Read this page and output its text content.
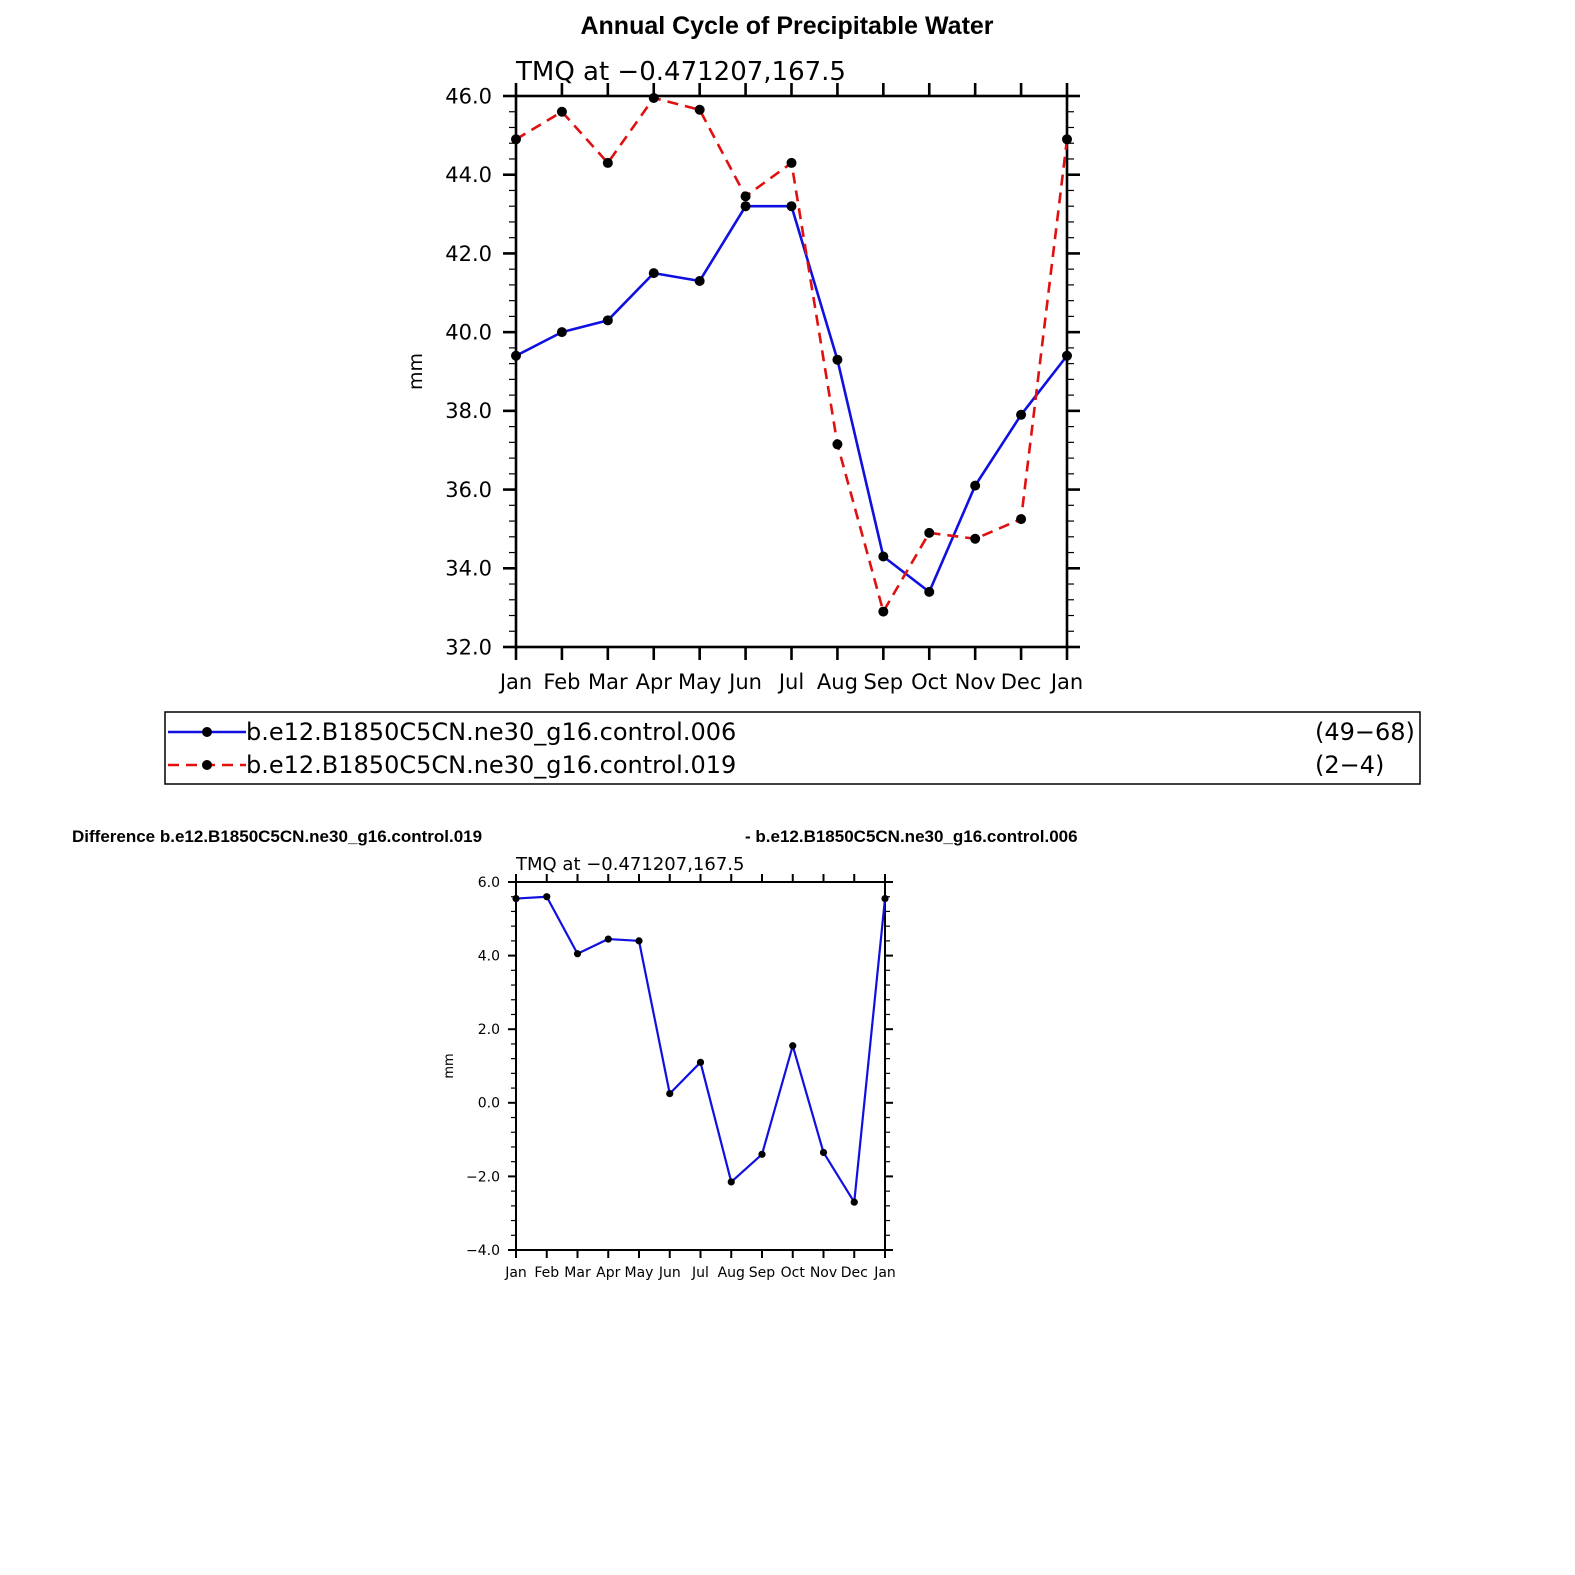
Annual Cycle of Precipitable Water
TMQ at −0.471207,167.5
Jan Feb Mar Apr May Jun Jul Aug Sep Oct Nov Dec Jan
32.0
34.0
36.0
38.0
40.0
42.0
44.0
46.0
mm
b.e12.B1850C5CN.ne30_g16.control.006	(49−68)
b.e12.B1850C5CN.ne30_g16.control.019	(2−4)
Difference b.e12.B1850C5CN.ne30_g16.control.019	- b.e12.B1850C5CN.ne30_g16.control.006
TMQ at −0.471207,167.5
Jan Feb Mar Apr May Jun Jul Aug Sep Oct Nov Dec Jan
−4.0
−2.0
0.0
2.0
4.0
6.0
mm
